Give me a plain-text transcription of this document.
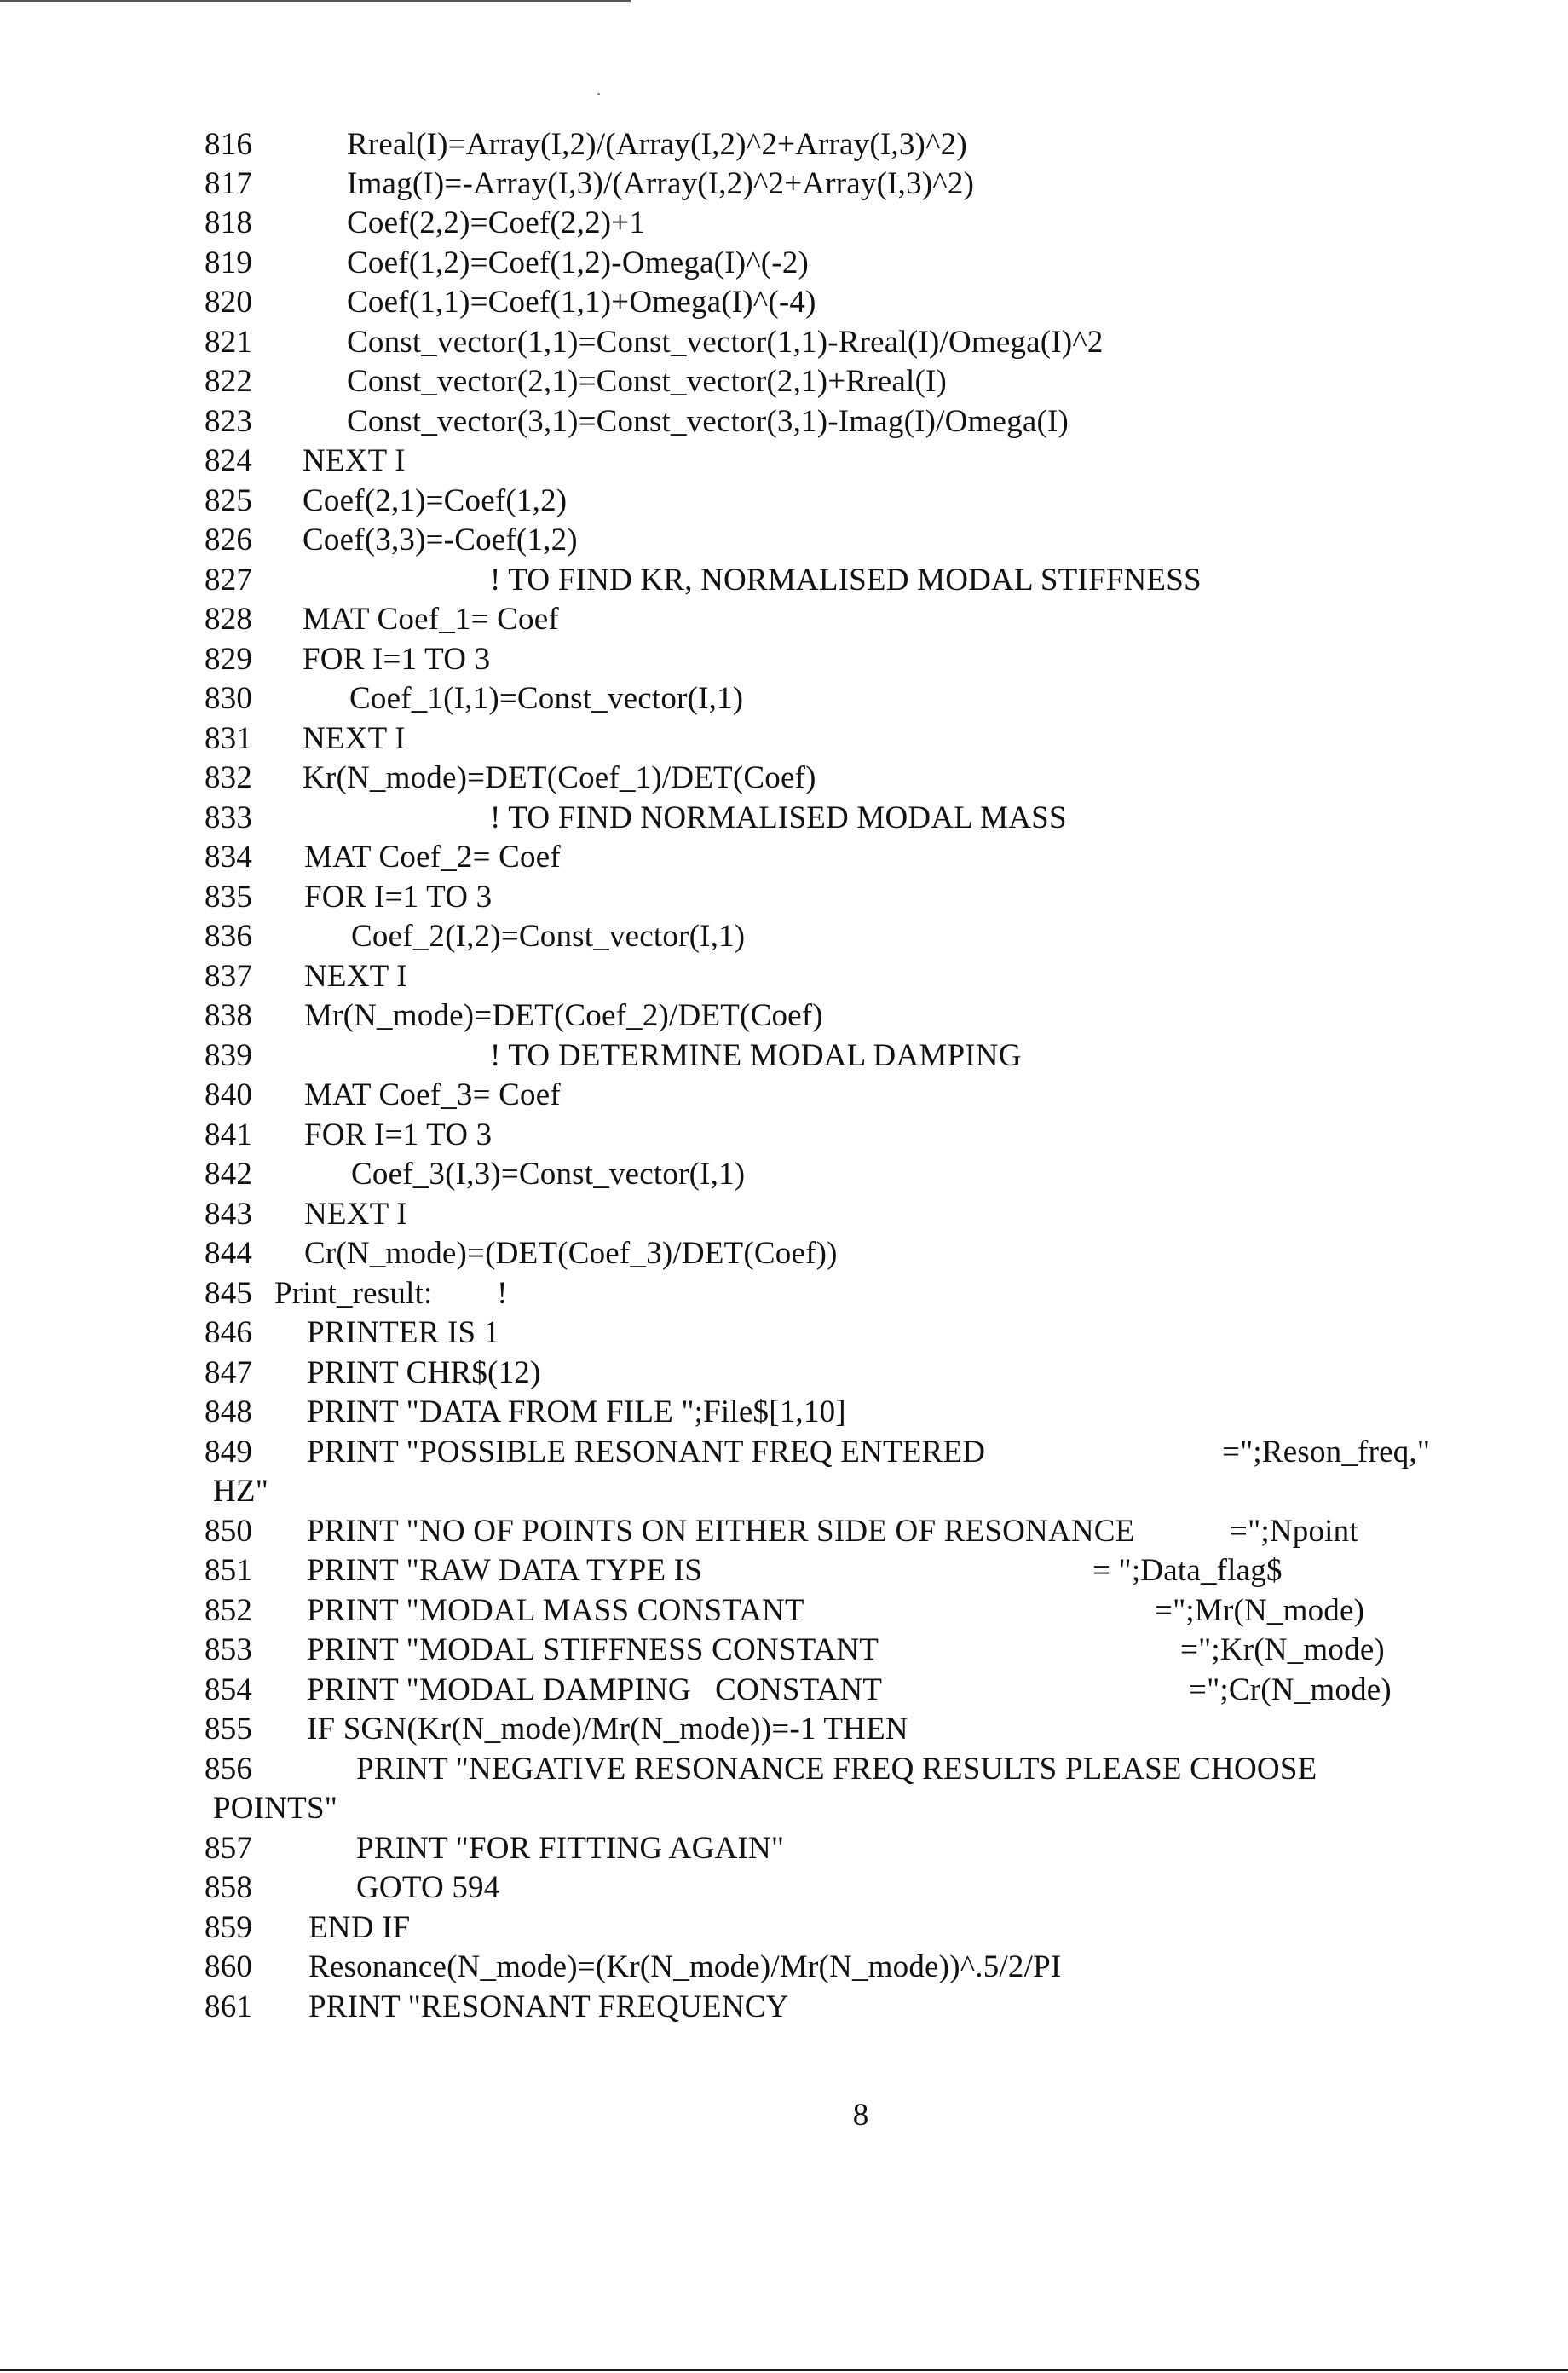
816	Rreal(I)=Array(I,2)/(Array(I,2)^2+Array(I,3)^2)
817	Imag(I)=-Array(I,3)/(Array(I,2)^2+Array(I,3)^2)
818	Coef(2,2)=Coef(2,2)+1
819	Coef(1,2)=Coef(1,2)-Omega(I)^(-2)
820	Coef(1,1)=Coef(1,1)+Omega(I)^(-4)
821	Const_vector(1,1)=Const_vector(1,1)-Rreal(I)/Omega(I)^2
822	Const_vector(2,1)=Const_vector(2,1)+Rreal(I)
823	Const_vector(3,1)=Const_vector(3,1)-Imag(I)/Omega(I)
824	NEXT I
825	Coef(2,1)=Coef(1,2)
826	Coef(3,3)=-Coef(1,2)
827	! TO FIND KR, NORMALISED MODAL STIFFNESS
828	MAT Coef_1= Coef
829	FOR I=1 TO 3
830	Coef_1(I,1)=Const_vector(I,1)
831	NEXT I
832	Kr(N_mode)=DET(Coef_1)/DET(Coef)
833	! TO FIND NORMALISED MODAL MASS
834	MAT Coef_2= Coef
835	FOR I=1 TO 3
836	Coef_2(I,2)=Const_vector(I,1)
837	NEXT I
838	Mr(N_mode)=DET(Coef_2)/DET(Coef)
839	! TO DETERMINE MODAL DAMPING
840	MAT Coef_3= Coef
841	FOR I=1 TO 3
842	Coef_3(I,3)=Const_vector(I,1)
843	NEXT I
844	Cr(N_mode)=(DET(Coef_3)/DET(Coef))
845 Print_result:        !
846	PRINTER IS 1
847	PRINT CHR$(12)
848	PRINT "DATA FROM FILE ";File$[1,10]
849	PRINT "POSSIBLE RESONANT FREQ ENTERED	=";Reson_freq,"
HZ"
850	PRINT "NO OF POINTS ON EITHER SIDE OF RESONANCE	=";Npoint
851	PRINT "RAW DATA TYPE IS	= ";Data_flag$
852	PRINT "MODAL MASS CONSTANT	=";Mr(N_mode)
853	PRINT "MODAL STIFFNESS CONSTANT	=";Kr(N_mode)
854	PRINT "MODAL DAMPING   CONSTANT	=";Cr(N_mode)
855	IF SGN(Kr(N_mode)/Mr(N_mode))=-1 THEN
856	PRINT "NEGATIVE RESONANCE FREQ RESULTS PLEASE CHOOSE
POINTS"
857	PRINT "FOR FITTING AGAIN"
858	GOTO 594
859	END IF
860	Resonance(N_mode)=(Kr(N_mode)/Mr(N_mode))^.5/2/PI
861	PRINT "RESONANT FREQUENCY
8
